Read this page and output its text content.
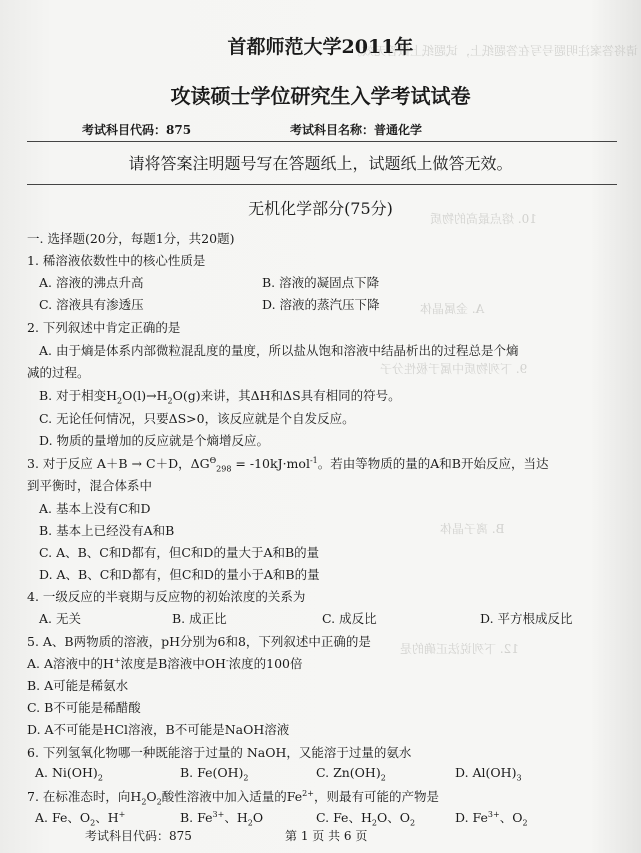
请将答案注明题号写在答题纸上，试题纸上做答无效。
10. 熔点最高的物质
A. 金属晶体
9. 下列物质中属于极性分子
B. 离子晶体
12. 下列说法正确的是
首都师范大学2011年
攻读硕士学位研究生入学考试试卷
考试科目代码：875	考试科目名称：普通化学
请将答案注明题号写在答题纸上，试题纸上做答无效。
无机化学部分(75分)
一. 选择题(20分，每题1分，共20题)
1. 稀溶液依数性中的核心性质是
A. 溶液的沸点升高	B. 溶液的凝固点下降
C. 溶液具有渗透压	D. 溶液的蒸汽压下降
2. 下列叙述中肯定正确的是
A. 由于熵是体系内部微粒混乱度的量度，所以盐从饱和溶液中结晶析出的过程总是个熵
减的过程。
B. 对于相变$H_2O(l)\to H_2O(g)$来讲，其ΔH和ΔS具有相同的符号。
C. 无论任何情况，只要ΔS>0，该反应就是个自发反应。
D. 物质的量增加的反应就是个熵增反应。
3. 对于反应 A＋B → C＋D，$\Delta G^\Theta_{298} = -10kJ\cdot mol^{-1}$。若由等物质的量的A和B开始反应，当达
到平衡时，混合体系中
A. 基本上没有C和D
B. 基本上已经没有A和B
C. A、B、C和D都有，但C和D的量大于A和B的量
D. A、B、C和D都有，但C和D的量小于A和B的量
4. 一级反应的半衰期与反应物的初始浓度的关系为
A. 无关	B. 成正比	C. 成反比	D. 平方根成反比
5. A、B两物质的溶液，pH分别为6和8，下列叙述中正确的是
A. A溶液中的H+浓度是B溶液中OH-浓度的100倍
B. A可能是稀氨水
C. B不可能是稀醋酸
D. A不可能是HCl溶液，B不可能是NaOH溶液
6. 下列氢氧化物哪一种既能溶于过量的 NaOH，又能溶于过量的氨水
A. $Ni(OH)_2$	B. $Fe(OH)_2$	C. $Zn(OH)_2$	D. $Al(OH)_3$
7. 在标准态时，向$H_2O_2$酸性溶液中加入适量的$Fe^{2+}$，则最有可能的产物是
A. Fe、$O_2$、H+	B. $Fe^{3+}$、$H_2O$	C. Fe、$H_2O$、$O_2$	D. $Fe^{3+}$、$O_2$
考试科目代码：875	第 1 页 共 6 页
